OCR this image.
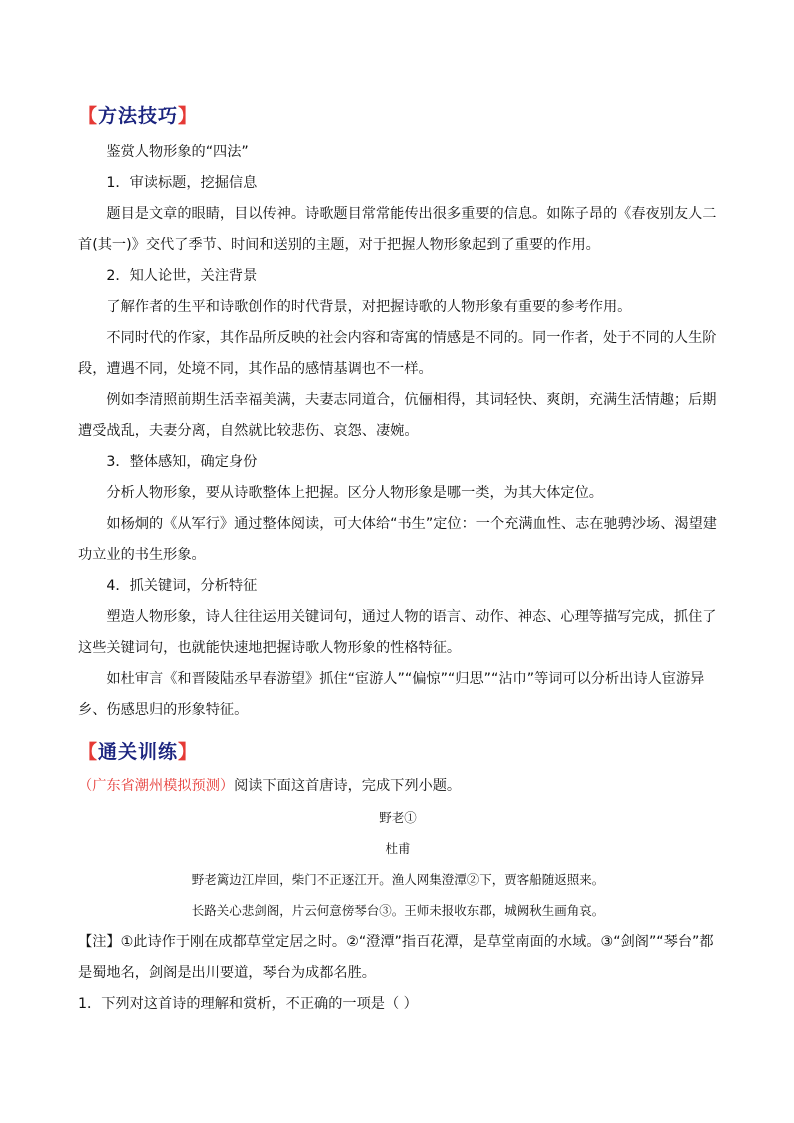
【方法技巧】

鉴赏人物形象的“四法”

1．审读标题，挖掘信息

题目是文章的眼睛，目以传神。诗歌题目常常能传出很多重要的信息。如陈子昂的《春夜别友人二首(其一)》交代了季节、时间和送别的主题，对于把握人物形象起到了重要的作用。

2．知人论世，关注背景

了解作者的生平和诗歌创作的时代背景，对把握诗歌的人物形象有重要的参考作用。

不同时代的作家，其作品所反映的社会内容和寄寓的情感是不同的。同一作者，处于不同的人生阶段，遭遇不同，处境不同，其作品的感情基调也不一样。

例如李清照前期生活幸福美满，夫妻志同道合，伉俪相得，其词轻快、爽朗，充满生活情趣；后期遭受战乱，夫妻分离，自然就比较悲伤、哀怨、凄婉。

3．整体感知，确定身份

分析人物形象，要从诗歌整体上把握。区分人物形象是哪一类，为其大体定位。

如杨炯的《从军行》通过整体阅读，可大体给“书生”定位：一个充满血性、志在驰骋沙场、渴望建功立业的书生形象。

4．抓关键词，分析特征

塑造人物形象，诗人往往运用关键词句，通过人物的语言、动作、神态、心理等描写完成，抓住了这些关键词句，也就能快速地把握诗歌人物形象的性格特征。

如杜审言《和晋陵陆丞早春游望》抓住“宦游人”“偏惊”“归思”“沾巾”等词可以分析出诗人宦游异乡、伤感思归的形象特征。

【通关训练】

（广东省潮州模拟预测）阅读下面这首唐诗，完成下列小题。

野老①

杜甫

野老篱边江岸回，柴门不正逐江开。渔人网集澄潭②下，贾客船随返照来。

长路关心悲剑阁，片云何意傍琴台③。王师未报收东郡，城阙秋生画角哀。

【注】①此诗作于刚在成都草堂定居之时。②“澄潭”指百花潭，是草堂南面的水域。③“剑阁”“琴台”都是蜀地名，剑阁是出川要道，琴台为成都名胜。

1．下列对这首诗的理解和赏析，不正确的一项是（ ）
